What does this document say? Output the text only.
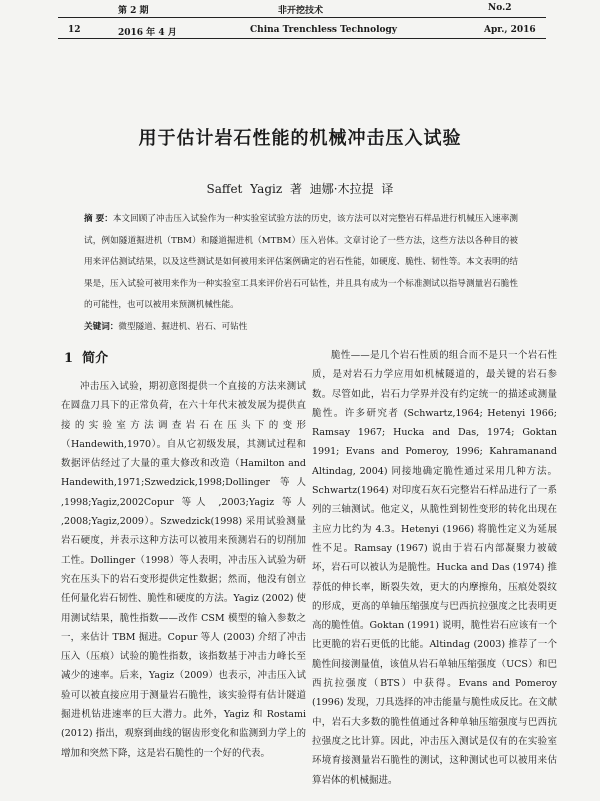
第 2 期	非开挖技术	No.2
12	2016 年 4 月	China Trenchless Technology	Apr., 2016
用于估计岩石性能的机械冲击压入试验
Saffet Yagiz 著 迪娜·木拉提 译
摘 要：本文回顾了冲击压入试验作为一种实验室试验方法的历史，该方法可以对完整岩石样品进行机械压入速率测试，例如隧道掘进机（TBM）和隧道掘进机（MTBM）压入岩体。文章讨论了一些方法，这些方法以各种目的被用来评估测试结果，以及这些测试是如何被用来评估案例确定的岩石性能，如硬度、脆性、韧性等。本文表明的结果是，压入试验可被用来作为一种实验室工具来评价岩石可钻性，并且具有成为一个标准测试以指导测量岩石脆性的可能性，也可以被用来预测机械性能。
关键词：微型隧道、掘进机、岩石、可钻性
1 简介

冲击压入试验，期初意图提供一个直接的方法来测试在圆盘刀具下的正常负荷，在六十年代末被发展为提供直接的实验室方法调查岩石在压头下的变形（Handewith,1970）。自从它初级发展，其测试过程和数据评估经过了大量的重大修改和改造（Hamilton and Handewith,1971;Szwedzick,1998;Dollinger 等人 ,1998;Yagiz,2002Copur 等人 ,2003;Yagiz 等人 ,2008;Yagiz,2009）。Szwedzick(1998) 采用试验测量岩石硬度，并表示这种方法可以被用来预测岩石的切削加工性。Dollinger（1998）等人表明，冲击压入试验为研究在压头下的岩石变形提供定性数据；然而，他没有创立任何量化岩石韧性、脆性和硬度的方法。Yagiz (2002) 使用测试结果，脆性指数——改作 CSM 模型的输入参数之一，来估计 TBM 掘进。Copur 等人 (2003) 介绍了冲击压入（压痕）试验的脆性指数，该指数基于冲击力峰长至减少的速率。后来，Yagiz（2009）也表示，冲击压入试验可以被直接应用于测量岩石脆性，该实验得有估计隧道掘进机钻进速率的巨大潜力。此外，Yagiz 和 Rostami (2012) 指出，观察到曲线的锯齿形变化和监测到力学上的增加和突然下降，这是岩石脆性的一个好的代表。

脆性——是几个岩石性质的组合而不是只一个岩石性质，是对岩石力学应用如机械隧道的，最关键的岩石参数。尽管如此，岩石力学界并没有约定统一的描述或测量脆性。许多研究者 (Schwartz,1964; Hetenyi 1966; Ramsay 1967; Hucka and Das, 1974; Goktan 1991; Evans and Pomeroy, 1996; Kahramanand Altindag, 2004) 同接地确定脆性通过采用几种方法。Schwartz(1964) 对印度石灰石完整岩石样品进行了一系列的三轴测试。他定义，从脆性到韧性变形的转化出现在主应力比约为 4.3。Hetenyi (1966) 将脆性定义为延展性不足。Ramsay (1967) 说由于岩石内部凝聚力被破坏，岩石可以被认为是脆性。Hucka and Das (1974) 推荐低的伸长率，断裂失效，更大的内摩擦角，压痕处裂纹的形成，更高的单轴压缩强度与巴西抗拉强度之比表明更高的脆性值。Goktan (1991) 说明，脆性岩石应该有一个比更脆的岩石更低的比能。Altindag (2003) 推荐了一个脆性间接测量值，该值从岩石单轴压缩强度（UCS）和巴西抗拉强度（BTS）中获得。Evans and Pomeroy (1996) 发现，刀具选择的冲击能量与脆性成反比。在文献中，岩石大多数的脆性值通过各种单轴压缩强度与巴西抗拉强度之比计算。因此，冲击压入测试是仅有的在实验室环境育接测量岩石脆性的测试，这种测试也可以被用来估算岩体的机械掘进。
